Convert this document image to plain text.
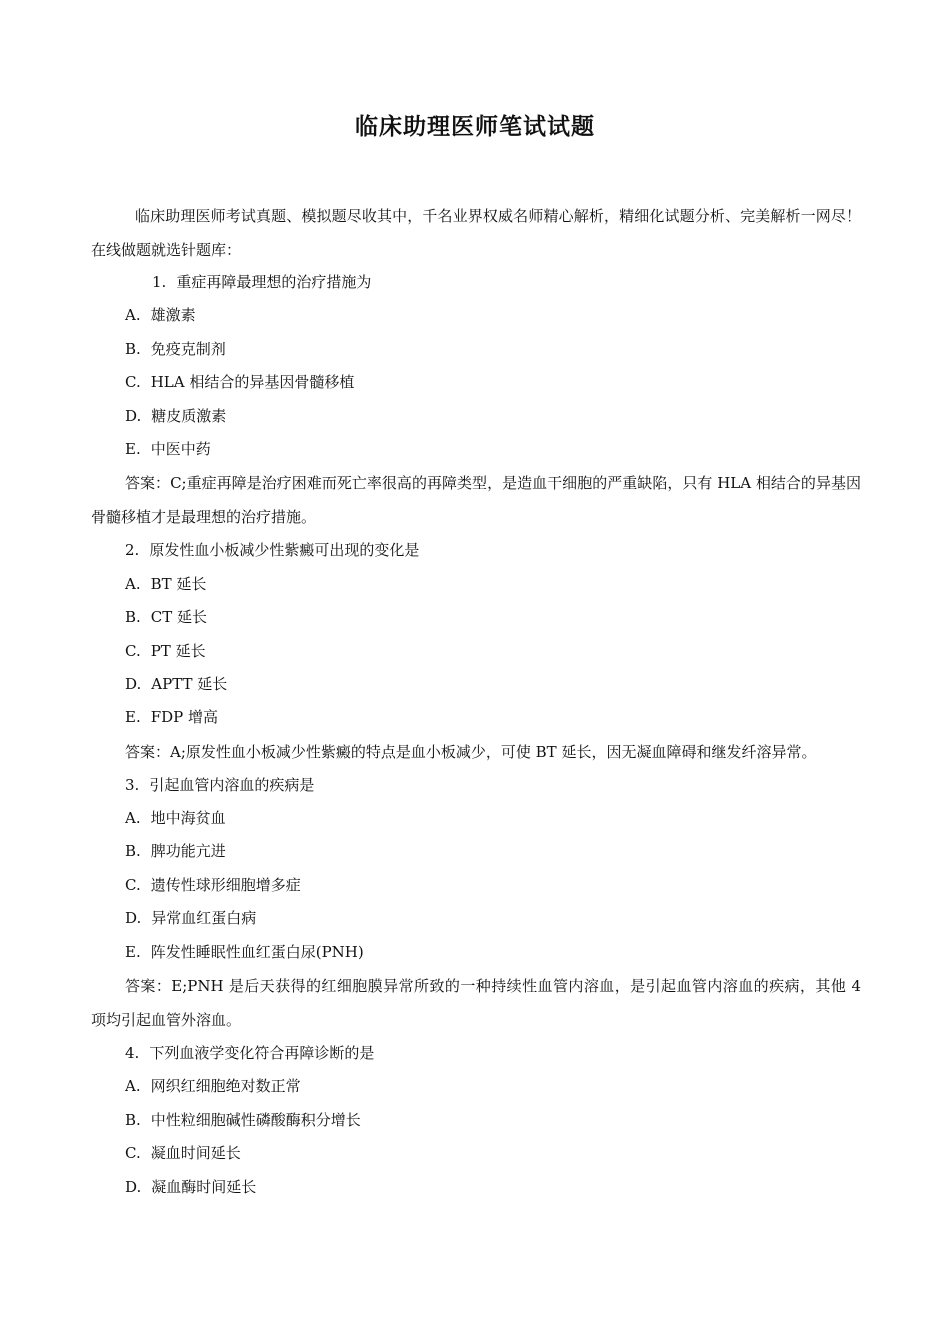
临床助理医师笔试试题
临床助理医师考试真题、模拟题尽收其中，千名业界权威名师精心解析，精细化试题分析、完美解析一网尽！在线做题就选针题库：
1. 重症再障最理想的治疗措施为
A. 雄激素
B. 免疫克制剂
C. HLA 相结合的异基因骨髓移植
D. 糖皮质激素
E. 中医中药
答案：C;重症再障是治疗困难而死亡率很高的再障类型，是造血干细胞的严重缺陷，只有 HLA 相结合的异基因骨髓移植才是最理想的治疗措施。
2. 原发性血小板减少性紫癜可出现的变化是
A. BT 延长
B. CT 延长
C. PT 延长
D. APTT 延长
E. FDP 增高
答案：A;原发性血小板减少性紫癜的特点是血小板减少，可使 BT 延长，因无凝血障碍和继发纤溶异常。
3. 引起血管内溶血的疾病是
A. 地中海贫血
B. 脾功能亢进
C. 遗传性球形细胞增多症
D. 异常血红蛋白病
E. 阵发性睡眠性血红蛋白尿(PNH)
答案：E;PNH 是后天获得的红细胞膜异常所致的一种持续性血管内溶血，是引起血管内溶血的疾病，其他 4 项均引起血管外溶血。
4. 下列血液学变化符合再障诊断的是
A. 网织红细胞绝对数正常
B. 中性粒细胞碱性磷酸酶积分增长
C. 凝血时间延长
D. 凝血酶时间延长
